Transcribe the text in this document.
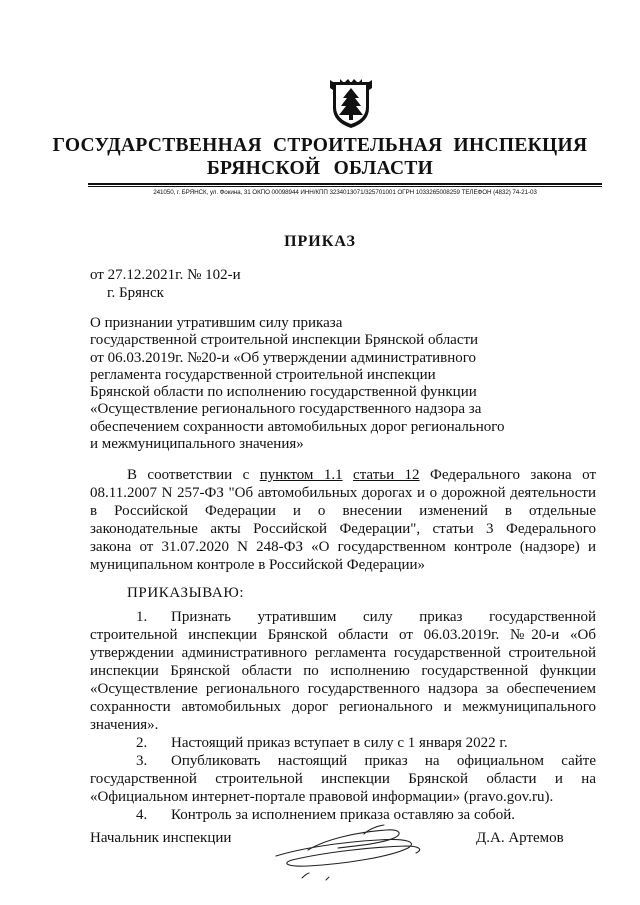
ГОСУДАРСТВЕННАЯ СТРОИТЕЛЬНАЯ ИНСПЕКЦИЯ
БРЯНСКОЙ ОБЛАСТИ
241050, г. БРЯНСК, ул. Фокина, 31 ОКПО 00098944 ИНН/КПП 3234013071/325701001 ОГРН 1033265008259 ТЕЛЕФОН (4832) 74-21-03
ПРИКАЗ
от 27.12.2021г. № 102-и
г. Брянск
О признании утратившим силу приказа
государственной строительной инспекции Брянской области
от 06.03.2019г. №20-и «Об утверждении административного
регламента государственной строительной инспекции
Брянской области по исполнению государственной функции
«Осуществление регионального государственного надзора за
обеспечением сохранности автомобильных дорог регионального
и межмуниципального значения»
В соответствии с пунктом 1.1 статьи 12 Федерального закона от
08.11.2007 N 257-ФЗ "Об автомобильных дорогах и о дорожной деятельности
в Российской Федерации и о внесении изменений в отдельные
законодательные акты Российской Федерации", статьи 3 Федерального
закона от 31.07.2020 N 248-ФЗ «О государственном контроле (надзоре) и
муниципальном контроле в Российской Федерации»
ПРИКАЗЫВАЮ:
1. Признать утратившим силу приказ государственной
строительной инспекции Брянской области от 06.03.2019г. №20-и «Об
утверждении административного регламента государственной строительной
инспекции Брянской области по исполнению государственной функции
«Осуществление регионального государственного надзора за обеспечением
сохранности автомобильных дорог регионального и межмуниципального
значения».
2. Настоящий приказ вступает в силу с 1 января 2022 г.
3. Опубликовать настоящий приказ на официальном сайте
государственной строительной инспекции Брянской области и на
«Официальном интернет-портале правовой информации» (pravo.gov.ru).
4. Контроль за исполнением приказа оставляю за собой.
Начальник инспекции	Д.А. Артемов
